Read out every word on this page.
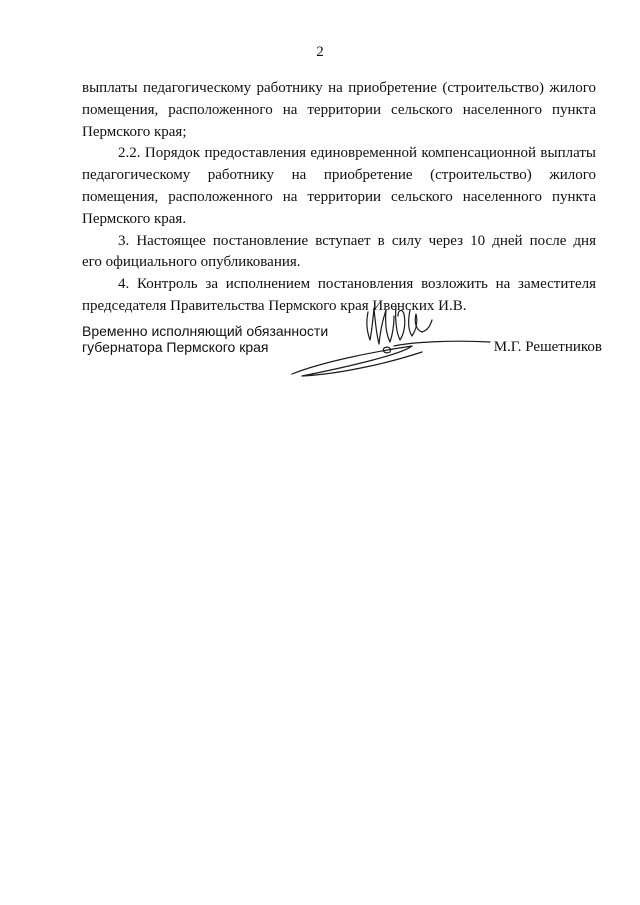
2

выплаты педагогическому работнику на приобретение (строительство) жилого
помещения, расположенного на территории сельского населенного пункта
Пермского края;

2.2. Порядок предоставления единовременной компенсационной выплаты
педагогическому работнику на приобретение (строительство) жилого
помещения, расположенного на территории сельского населенного пункта
Пермского края.

3. Настоящее постановление вступает в силу через 10 дней после дня
его официального опубликования.

4. Контроль за исполнением постановления возложить на заместителя
председателя Правительства Пермского края Ивенских И.В.

Временно исполняющий обязанности
губернатора Пермского края	М.Г. Решетников
